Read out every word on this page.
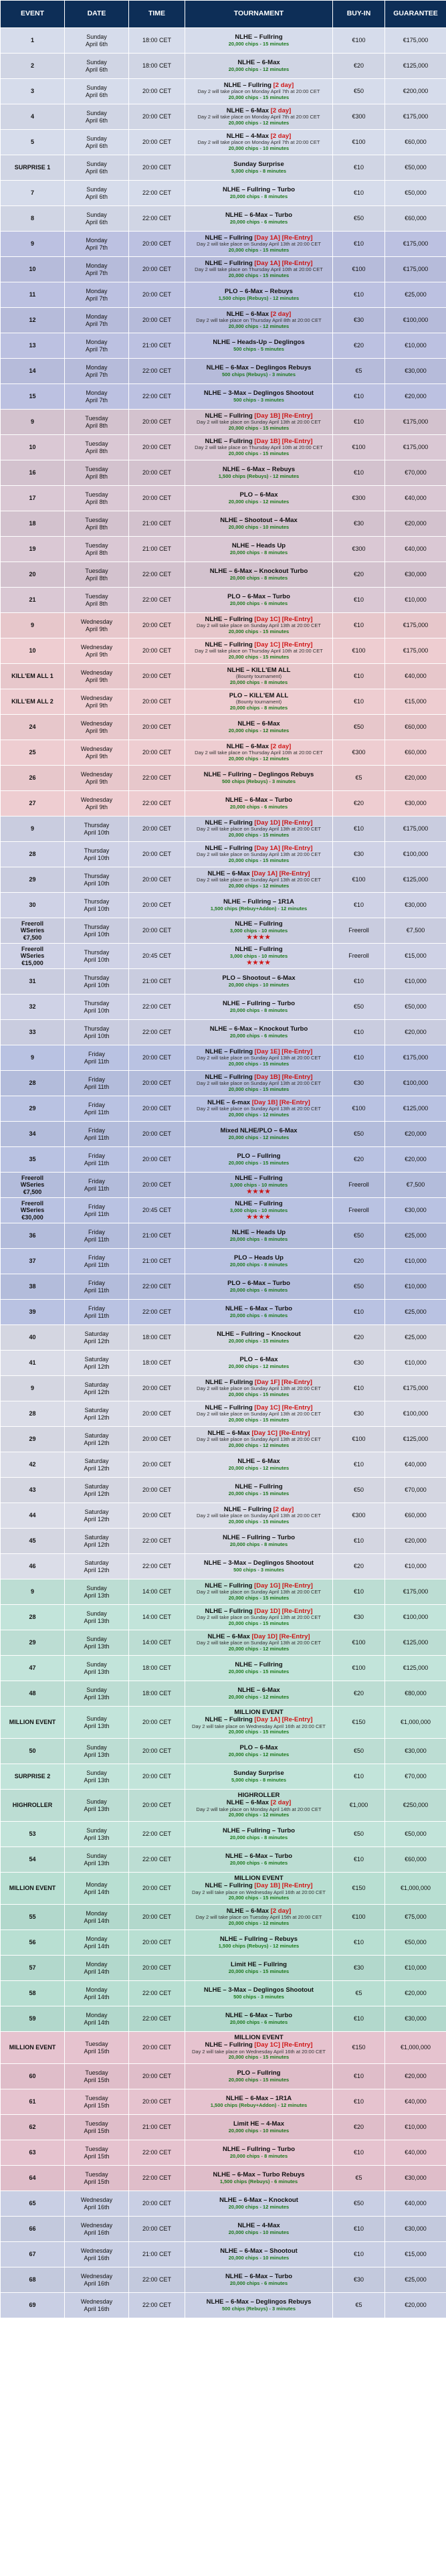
EVENT	DATE	TIME	TOURNAMENT	BUY-IN	GUARANTEE
1	Sunday
April 6th	18:00 CET	NLHE – Fullring
20,000 chips - 15 minutes	€100	€175,000
2	Sunday
April 6th	18:00 CET	NLHE – 6-Max
20,000 chips - 12 minutes	€20	€125,000
3	Sunday
April 6th	20:00 CET	NLHE – Fullring [2 day]
Day 2 will take place on Monday April 7th at 20:00 CET
20,000 chips - 15 minutes	€50	€200,000
4	Sunday
April 6th	20:00 CET	NLHE – 6-Max [2 day]
Day 2 will take place on Monday April 7th at 20:00 CET
20,000 chips - 12 minutes	€300	€175,000
5	Sunday
April 6th	20:00 CET	NLHE – 4-Max [2 day]
Day 2 will take place on Monday April 7th at 20:00 CET
20,000 chips - 10 minutes	€100	€60,000
SURPRISE 1	Sunday
April 6th	20:00 CET	Sunday Surprise
5,000 chips - 8 minutes	€10	€50,000
7	Sunday
April 6th	22:00 CET	NLHE – Fullring – Turbo
20,000 chips - 8 minutes	€10	€50,000
8	Sunday
April 6th	22:00 CET	NLHE – 6-Max – Turbo
20,000 chips - 6 minutes	€50	€60,000
9	Monday
April 7th	20:00 CET	NLHE – Fullring [Day 1A] [Re-Entry]
Day 2 will take place on Sunday April 13th at 20:00 CET
20,000 chips - 15 minutes	€10	€175,000
10	Monday
April 7th	20:00 CET	NLHE – Fullring [Day 1A] [Re-Entry]
Day 2 will take place on Thursday April 10th at 20:00 CET
20,000 chips - 15 minutes	€100	€175,000
11	Monday
April 7th	20:00 CET	PLO – 6-Max – Rebuys
1,500 chips (Rebuys) - 12 minutes	€10	€25,000
12	Monday
April 7th	20:00 CET	NLHE – 6-Max [2 day]
Day 2 will take place on Thursday April 8th at 20:00 CET
20,000 chips - 12 minutes	€30	€100,000
13	Monday
April 7th	21:00 CET	NLHE – Heads-Up – Deglingos
500 chips - 5 minutes	€20	€10,000
14	Monday
April 7th	22:00 CET	NLHE – 6-Max – Deglingos Rebuys
500 chips (Rebuys) - 3 minutes	€5	€30,000
15	Monday
April 7th	22:00 CET	NLHE – 3-Max – Deglingos Shootout
500 chips - 3 minutes	€10	€20,000
9	Tuesday
April 8th	20:00 CET	NLHE – Fullring [Day 1B] [Re-Entry]
Day 2 will take place on Sunday April 13th at 20:00 CET
20,000 chips - 15 minutes	€10	€175,000
10	Tuesday
April 8th	20:00 CET	NLHE – Fullring [Day 1B] [Re-Entry]
Day 2 will take place on Thursday April 10th at 20:00 CET
20,000 chips - 15 minutes	€100	€175,000
16	Tuesday
April 8th	20:00 CET	NLHE – 6-Max – Rebuys
1,500 chips (Rebuys) - 12 minutes	€10	€70,000
17	Tuesday
April 8th	20:00 CET	PLO – 6-Max
20,000 chips - 12 minutes	€300	€40,000
18	Tuesday
April 8th	21:00 CET	NLHE – Shootout – 4-Max
20,000 chips - 10 minutes	€30	€20,000
19	Tuesday
April 8th	21:00 CET	NLHE – Heads Up
20,000 chips - 8 minutes	€300	€40,000
20	Tuesday
April 8th	22:00 CET	NLHE – 6-Max – Knockout Turbo
20,000 chips - 8 minutes	€20	€30,000
21	Tuesday
April 8th	22:00 CET	PLO – 6-Max – Turbo
20,000 chips - 6 minutes	€10	€10,000
9	Wednesday
April 9th	20:00 CET	NLHE – Fullring [Day 1C] [Re-Entry]
Day 2 will take place on Sunday April 13th at 20:00 CET
20,000 chips - 15 minutes	€10	€175,000
10	Wednesday
April 9th	20:00 CET	NLHE – Fullring [Day 1C] [Re-Entry]
Day 2 will take place on Thursday April 10th at 20:00 CET
20,000 chips - 15 minutes	€100	€175,000
KILL'EM ALL 1	Wednesday
April 9th	20:00 CET	NLHE – KILL'EM ALL
(Bounty tournament)
20,000 chips - 8 minutes	€10	€40,000
KILL'EM ALL 2	Wednesday
April 9th	20:00 CET	PLO – KILL'EM ALL
(Bounty tournament)
20,000 chips - 8 minutes	€10	€15,000
24	Wednesday
April 9th	20:00 CET	NLHE – 6-Max
20,000 chips - 12 minutes	€50	€60,000
25	Wednesday
April 9th	20:00 CET	NLHE – 6-Max [2 day]
Day 2 will take place on Thursday April 10th at 20:00 CET
20,000 chips - 12 minutes	€300	€60,000
26	Wednesday
April 9th	22:00 CET	NLHE – Fullring – Deglingos Rebuys
500 chips (Rebuys) - 3 minutes	€5	€20,000
27	Wednesday
April 9th	22:00 CET	NLHE – 6-Max – Turbo
20,000 chips - 6 minutes	€20	€30,000
9	Thursday
April 10th	20:00 CET	NLHE – Fullring [Day 1D] [Re-Entry]
Day 2 will take place on Sunday April 13th at 20:00 CET
20,000 chips - 15 minutes	€10	€175,000
28	Thursday
April 10th	20:00 CET	NLHE – Fullring [Day 1A] [Re-Entry]
Day 2 will take place on Sunday April 13th at 20:00 CET
20,000 chips - 15 minutes	€30	€100,000
29	Thursday
April 10th	20:00 CET	NLHE – 6-Max [Day 1A] [Re-Entry]
Day 2 will take place on Sunday April 13th at 20:00 CET
20,000 chips - 12 minutes	€100	€125,000
30	Thursday
April 10th	20:00 CET	NLHE – Fullring – 1R1A
1,500 chips (Rebuy+Addon) - 12 minutes	€10	€30,000
Freeroll
WSeries
€7,500	Thursday
April 10th	20:00 CET	NLHE – Fullring
3,000 chips - 10 minutes
★★★★	Freeroll	€7,500
Freeroll
WSeries
€15,000	Thursday
April 10th	20:45 CET	NLHE – Fullring
3,000 chips - 10 minutes
★★★★	Freeroll	€15,000
31	Thursday
April 10th	21:00 CET	PLO – Shootout – 6-Max
20,000 chips - 10 minutes	€10	€10,000
32	Thursday
April 10th	22:00 CET	NLHE – Fullring – Turbo
20,000 chips - 8 minutes	€50	€50,000
33	Thursday
April 10th	22:00 CET	NLHE – 6-Max – Knockout Turbo
20,000 chips - 6 minutes	€10	€20,000
9	Friday
April 11th	20:00 CET	NLHE – Fullring [Day 1E] [Re-Entry]
Day 2 will take place on Sunday April 13th at 20:00 CET
20,000 chips - 15 minutes	€10	€175,000
28	Friday
April 11th	20:00 CET	NLHE – Fullring [Day 1B] [Re-Entry]
Day 2 will take place on Sunday April 13th at 20:00 CET
20,000 chips - 15 minutes	€30	€100,000
29	Friday
April 11th	20:00 CET	NLHE – 6-max [Day 1B] [Re-Entry]
Day 2 will take place on Sunday April 13th at 20:00 CET
20,000 chips - 12 minutes	€100	€125,000
34	Friday
April 11th	20:00 CET	Mixed NLHE/PLO – 6-Max
20,000 chips - 12 minutes	€50	€20,000
35	Friday
April 11th	20:00 CET	PLO – Fullring
20,000 chips - 15 minutes	€20	€20,000
Freeroll
WSeries
€7,500	Friday
April 11th	20:00 CET	NLHE – Fullring
3,000 chips - 10 minutes
★★★★	Freeroll	€7,500
Freeroll
WSeries
€30,000	Friday
April 11th	20:45 CET	NLHE – Fullring
3,000 chips - 10 minutes
★★★★	Freeroll	€30,000
36	Friday
April 11th	21:00 CET	NLHE – Heads Up
20,000 chips - 8 minutes	€50	€25,000
37	Friday
April 11th	21:00 CET	PLO – Heads Up
20,000 chips - 8 minutes	€20	€10,000
38	Friday
April 11th	22:00 CET	PLO – 6-Max – Turbo
20,000 chips - 6 minutes	€50	€10,000
39	Friday
April 11th	22:00 CET	NLHE – 6-Max – Turbo
20,000 chips - 6 minutes	€10	€25,000
40	Saturday
April 12th	18:00 CET	NLHE – Fullring – Knockout
20,000 chips - 15 minutes	€20	€25,000
41	Saturday
April 12th	18:00 CET	PLO – 6-Max
20,000 chips - 12 minutes	€30	€10,000
9	Saturday
April 12th	20:00 CET	NLHE – Fullring [Day 1F] [Re-Entry]
Day 2 will take place on Sunday April 13th at 20:00 CET
20,000 chips - 15 minutes	€10	€175,000
28	Saturday
April 12th	20:00 CET	NLHE – Fullring [Day 1C] [Re-Entry]
Day 2 will take place on Sunday April 13th at 20:00 CET
20,000 chips - 15 minutes	€30	€100,000
29	Saturday
April 12th	20:00 CET	NLHE – 6-Max [Day 1C] [Re-Entry]
Day 2 will take place on Sunday April 13th at 20:00 CET
20,000 chips - 12 minutes	€100	€125,000
42	Saturday
April 12th	20:00 CET	NLHE – 6-Max
20,000 chips - 12 minutes	€10	€40,000
43	Saturday
April 12th	20:00 CET	NLHE – Fullring
20,000 chips - 15 minutes	€50	€70,000
44	Saturday
April 12th	20:00 CET	NLHE – Fullring [2 day]
Day 2 will take place on Sunday April 13th at 20:00 CET
20,000 chips - 15 minutes	€300	€60,000
45	Saturday
April 12th	22:00 CET	NLHE – Fullring – Turbo
20,000 chips - 8 minutes	€10	€20,000
46	Saturday
April 12th	22:00 CET	NLHE – 3-Max – Deglingos Shootout
500 chips - 3 minutes	€20	€10,000
9	Sunday
April 13th	14:00 CET	NLHE – Fullring [Day 1G] [Re-Entry]
Day 2 will take place on Sunday April 13th at 20:00 CET
20,000 chips - 15 minutes	€10	€175,000
28	Sunday
April 13th	14:00 CET	NLHE – Fullring [Day 1D] [Re-Entry]
Day 2 will take place on Sunday April 13th at 20:00 CET
20,000 chips - 15 minutes	€30	€100,000
29	Sunday
April 13th	14:00 CET	NLHE – 6-Max [Day 1D] [Re-Entry]
Day 2 will take place on Sunday April 13th at 20:00 CET
20,000 chips - 12 minutes	€100	€125,000
47	Sunday
April 13th	18:00 CET	NLHE – Fullring
20,000 chips - 15 minutes	€100	€125,000
48	Sunday
April 13th	18:00 CET	NLHE – 6-Max
20,000 chips - 12 minutes	€20	€80,000
MILLION EVENT	Sunday
April 13th	20:00 CET	MILLION EVENT
NLHE – Fullring [Day 1A] [Re-Entry]
Day 2 will take place on Wednesday April 16th at 20:00 CET
20,000 chips - 15 minutes	€150	€1,000,000
50	Sunday
April 13th	20:00 CET	PLO – 6-Max
20,000 chips - 12 minutes	€50	€30,000
SURPRISE 2	Sunday
April 13th	20:00 CET	Sunday Surprise
5,000 chips - 8 minutes	€10	€70,000
HIGHROLLER	Sunday
April 13th	20:00 CET	HIGHROLLER
NLHE – 6-Max [2 day]
Day 2 will take place on Monday April 14th at 20:00 CET
20,000 chips - 12 minutes	€1,000	€250,000
53	Sunday
April 13th	22:00 CET	NLHE – Fullring – Turbo
20,000 chips - 8 minutes	€50	€50,000
54	Sunday
April 13th	22:00 CET	NLHE – 6-Max – Turbo
20,000 chips - 6 minutes	€10	€60,000
MILLION EVENT	Monday
April 14th	20:00 CET	MILLION EVENT
NLHE – Fullring [Day 1B] [Re-Entry]
Day 2 will take place on Wednesday April 16th at 20:00 CET
20,000 chips - 15 minutes	€150	€1,000,000
55	Monday
April 14th	20:00 CET	NLHE – 6-Max [2 day]
Day 2 will take place on Tuesday April 15th at 20:00 CET
20,000 chips - 12 minutes	€100	€75,000
56	Monday
April 14th	20:00 CET	NLHE – Fullring – Rebuys
1,500 chips (Rebuys) - 12 minutes	€10	€50,000
57	Monday
April 14th	20:00 CET	Limit HE – Fullring
20,000 chips - 15 minutes	€30	€10,000
58	Monday
April 14th	22:00 CET	NLHE – 3-Max – Deglingos Shootout
500 chips - 3 minutes	€5	€20,000
59	Monday
April 14th	22:00 CET	NLHE – 6-Max – Turbo
20,000 chips - 6 minutes	€10	€30,000
MILLION EVENT	Tuesday
April 15th	20:00 CET	MILLION EVENT
NLHE – Fullring [Day 1C] [Re-Entry]
Day 2 will take place on Wednesday April 16th at 20:00 CET
20,000 chips - 15 minutes	€150	€1,000,000
60	Tuesday
April 15th	20:00 CET	PLO – Fullring
20,000 chips - 15 minutes	€10	€20,000
61	Tuesday
April 15th	20:00 CET	NLHE – 6-Max – 1R1A
1,500 chips (Rebuy+Addon) - 12 minutes	€10	€40,000
62	Tuesday
April 15th	21:00 CET	Limit HE – 4-Max
20,000 chips - 10 minutes	€20	€10,000
63	Tuesday
April 15th	22:00 CET	NLHE – Fullring – Turbo
20,000 chips - 8 minutes	€10	€40,000
64	Tuesday
April 15th	22:00 CET	NLHE – 6-Max – Turbo Rebuys
1,500 chips (Rebuys) - 6 minutes	€5	€30,000
65	Wednesday
April 16th	20:00 CET	NLHE – 6-Max – Knockout
20,000 chips - 12 minutes	€50	€40,000
66	Wednesday
April 16th	20:00 CET	NLHE – 4-Max
20,000 chips - 10 minutes	€10	€30,000
67	Wednesday
April 16th	21:00 CET	NLHE – 6-Max – Shootout
20,000 chips - 10 minutes	€10	€15,000
68	Wednesday
April 16th	22:00 CET	NLHE – 6-Max – Turbo
20,000 chips - 6 minutes	€30	€25,000
69	Wednesday
April 16th	22:00 CET	NLHE – 6-Max – Deglingos Rebuys
500 chips (Rebuys) - 3 minutes	€5	€20,000
